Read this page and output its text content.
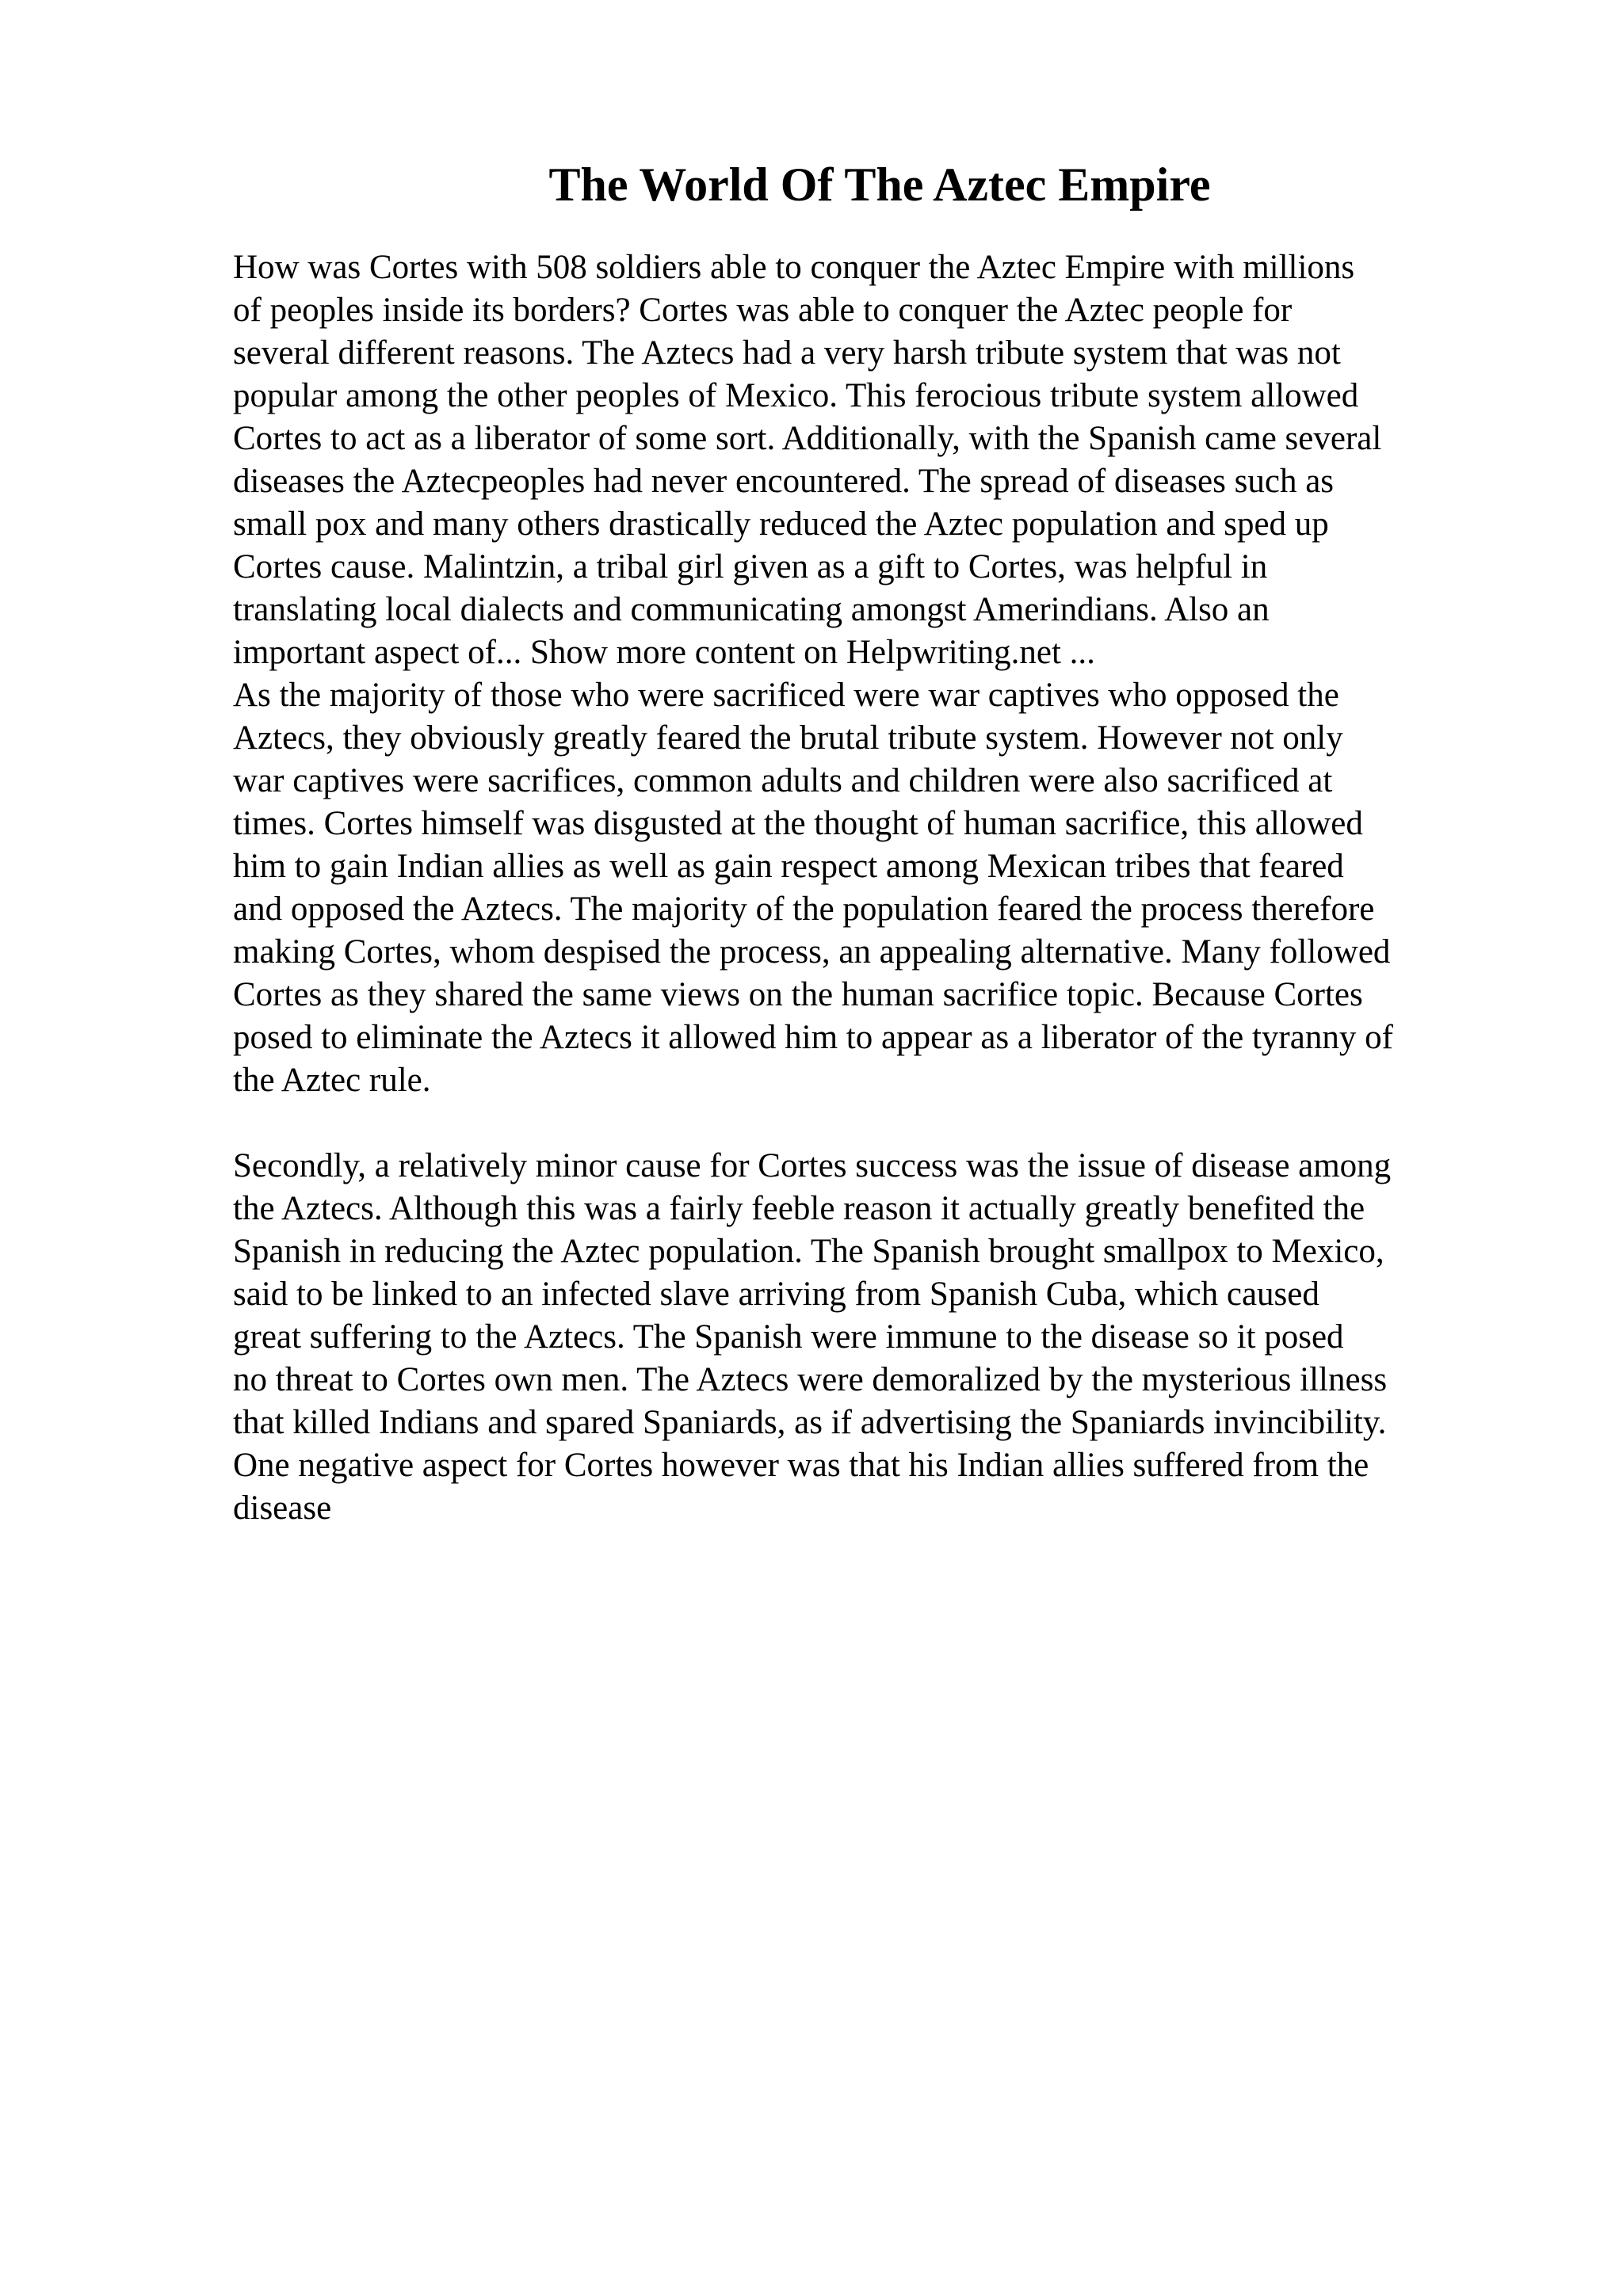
The World Of The Aztec Empire

How was Cortes with 508 soldiers able to conquer the Aztec Empire with millions
of peoples inside its borders? Cortes was able to conquer the Aztec people for
several different reasons. The Aztecs had a very harsh tribute system that was not
popular among the other peoples of Mexico. This ferocious tribute system allowed
Cortes to act as a liberator of some sort. Additionally, with the Spanish came several
diseases the Aztecpeoples had never encountered. The spread of diseases such as
small pox and many others drastically reduced the Aztec population and sped up
Cortes cause. Malintzin, a tribal girl given as a gift to Cortes, was helpful in
translating local dialects and communicating amongst Amerindians. Also an
important aspect of... Show more content on Helpwriting.net ...

As the majority of those who were sacrificed were war captives who opposed the
Aztecs, they obviously greatly feared the brutal tribute system. However not only
war captives were sacrifices, common adults and children were also sacrificed at
times. Cortes himself was disgusted at the thought of human sacrifice, this allowed
him to gain Indian allies as well as gain respect among Mexican tribes that feared
and opposed the Aztecs. The majority of the population feared the process therefore
making Cortes, whom despised the process, an appealing alternative. Many followed
Cortes as they shared the same views on the human sacrifice topic. Because Cortes
posed to eliminate the Aztecs it allowed him to appear as a liberator of the tyranny of
the Aztec rule.

Secondly, a relatively minor cause for Cortes success was the issue of disease among
the Aztecs. Although this was a fairly feeble reason it actually greatly benefited the
Spanish in reducing the Aztec population. The Spanish brought smallpox to Mexico,
said to be linked to an infected slave arriving from Spanish Cuba, which caused
great suffering to the Aztecs. The Spanish were immune to the disease so it posed
no threat to Cortes own men. The Aztecs were demoralized by the mysterious illness
that killed Indians and spared Spaniards, as if advertising the Spaniards invincibility.
One negative aspect for Cortes however was that his Indian allies suffered from the
disease
